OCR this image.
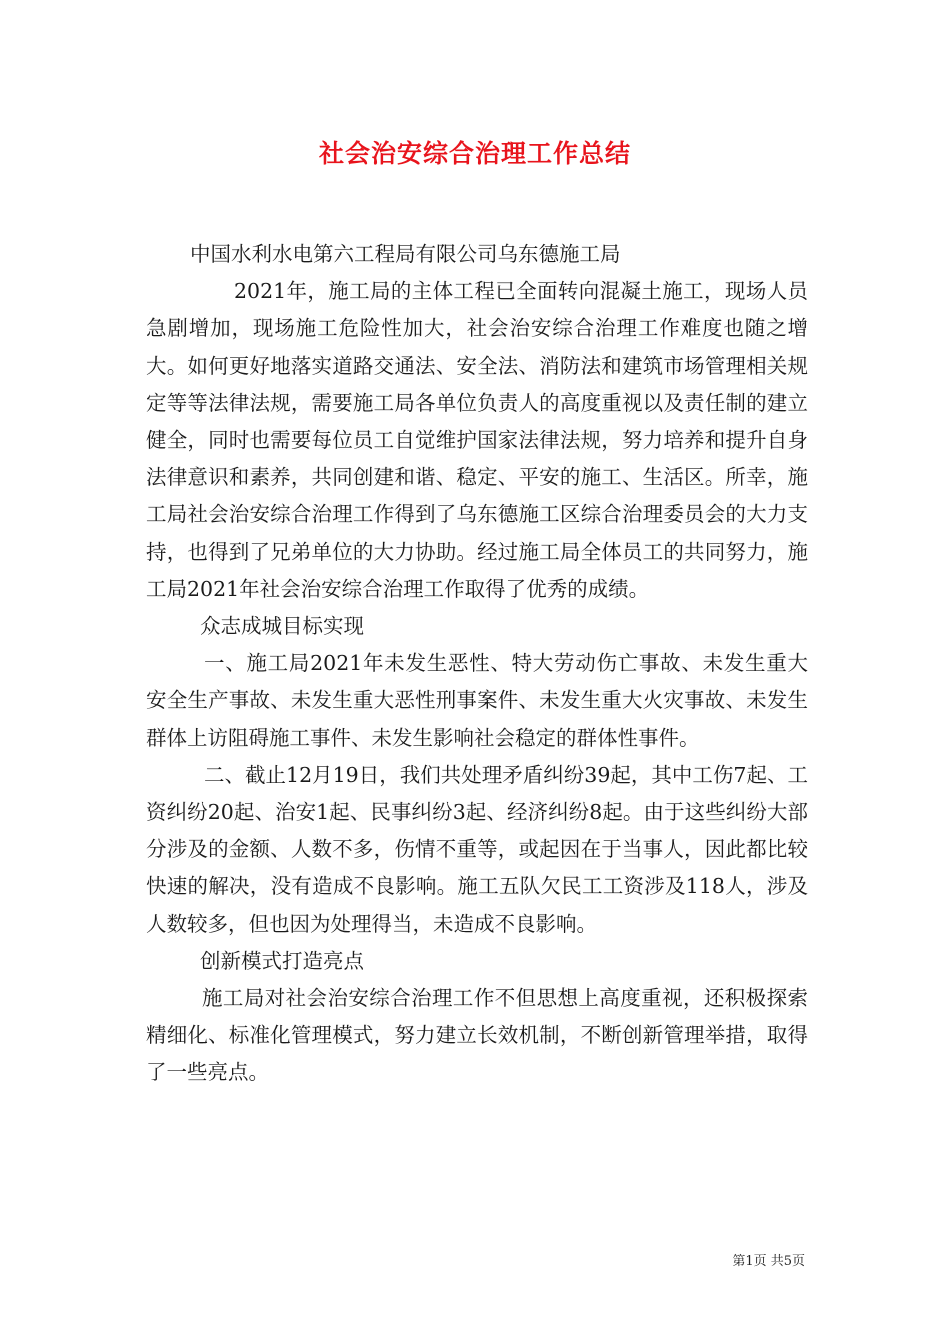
社会治安综合治理工作总结

中国水利水电第六工程局有限公司乌东德施工局

2021年，施工局的主体工程已全面转向混凝土施工，现场人员急剧增加，现场施工危险性加大，社会治安综合治理工作难度也随之增大。如何更好地落实道路交通法、安全法、消防法和建筑市场管理相关规定等等法律法规，需要施工局各单位负责人的高度重视以及责任制的建立健全，同时也需要每位员工自觉维护国家法律法规，努力培养和提升自身法律意识和素养，共同创建和谐、稳定、平安的施工、生活区。所幸，施工局社会治安综合治理工作得到了乌东德施工区综合治理委员会的大力支持，也得到了兄弟单位的大力协助。经过施工局全体员工的共同努力，施工局2021年社会治安综合治理工作取得了优秀的成绩。

众志成城目标实现

一、施工局2021年未发生恶性、特大劳动伤亡事故、未发生重大安全生产事故、未发生重大恶性刑事案件、未发生重大火灾事故、未发生群体上访阻碍施工事件、未发生影响社会稳定的群体性事件。

二、截止12月19日，我们共处理矛盾纠纷39起，其中工伤7起、工资纠纷20起、治安1起、民事纠纷3起、经济纠纷8起。由于这些纠纷大部分涉及的金额、人数不多，伤情不重等，或起因在于当事人，因此都比较快速的解决，没有造成不良影响。施工五队欠民工工资涉及118人，涉及人数较多，但也因为处理得当，未造成不良影响。

创新模式打造亮点

施工局对社会治安综合治理工作不但思想上高度重视，还积极探索精细化、标准化管理模式，努力建立长效机制，不断创新管理举措，取得了一些亮点。

第1页 共5页
